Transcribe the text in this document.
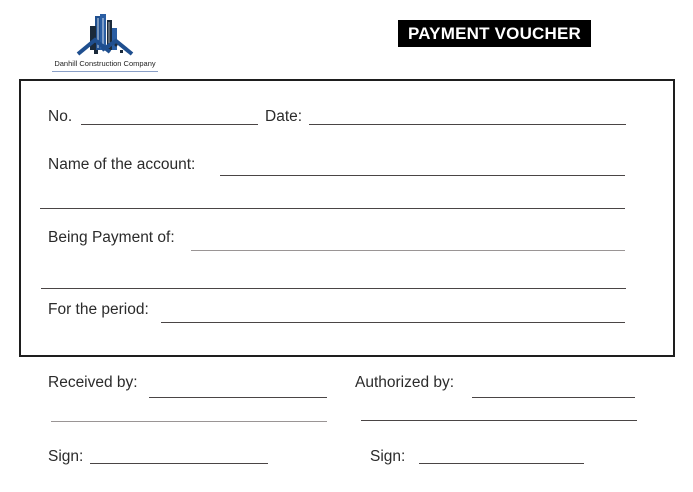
Danhill Construction Company
PAYMENT VOUCHER
No.	Date:
Name of the account:
Being Payment of:
For the period:
Received by:
Sign:
Authorized by:
Sign:
